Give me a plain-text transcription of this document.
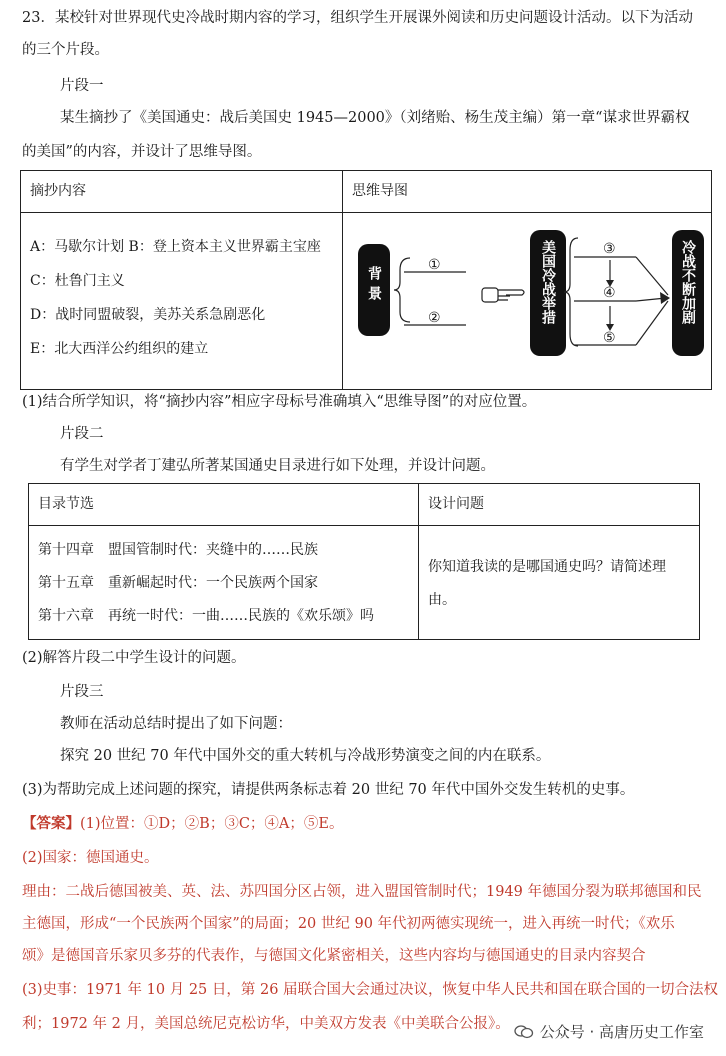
23．某校针对世界现代史冷战时期内容的学习，组织学生开展课外阅读和历史问题设计活动。以下为活动
的三个片段。
片段一
某生摘抄了《美国通史：战后美国史 1945—2000》（刘绪贻、杨生茂主编）第一章“谋求世界霸权
的美国”的内容，并设计了思维导图。
摘抄内容	思维导图
A：马歇尔计划 B：登上资本主义世界霸主宝座
C：杜鲁门主义
D：战时同盟破裂，美苏关系急剧恶化
E：北大西洋公约组织的建立
背景	美国冷战举措	冷战不断加剧
①
②
③
④
⑤
(1)结合所学知识，将“摘抄内容”相应字母标号准确填入“思维导图”的对应位置。
片段二
有学生对学者丁建弘所著某国通史目录进行如下处理，并设计问题。
目录节选	设计问题
第十四章　盟国管制时代：夹缝中的……民族
第十五章　重新崛起时代：一个民族两个国家
第十六章　再统一时代：一曲……民族的《欢乐颂》吗
你知道我读的是哪国通史吗？请简述理
由。
(2)解答片段二中学生设计的问题。
片段三
教师在活动总结时提出了如下问题：
探究 20 世纪 70 年代中国外交的重大转机与冷战形势演变之间的内在联系。
(3)为帮助完成上述问题的探究，请提供两条标志着 20 世纪 70 年代中国外交发生转机的史事。
【答案】(1)位置：①D；②B；③C；④A；⑤E。
(2)国家：德国通史。
理由：二战后德国被美、英、法、苏四国分区占领，进入盟国管制时代；1949 年德国分裂为联邦德国和民
主德国，形成“一个民族两个国家”的局面；20 世纪 90 年代初两德实现统一，进入再统一时代；《欢乐
颂》是德国音乐家贝多芬的代表作，与德国文化紧密相关，这些内容均与德国通史的目录内容契合
(3)史事：1971 年 10 月 25 日，第 26 届联合国大会通过决议，恢复中华人民共和国在联合国的一切合法权
利；1972 年 2 月，美国总统尼克松访华，中美双方发表《中美联合公报》。	公众号 · 高唐历史工作室
